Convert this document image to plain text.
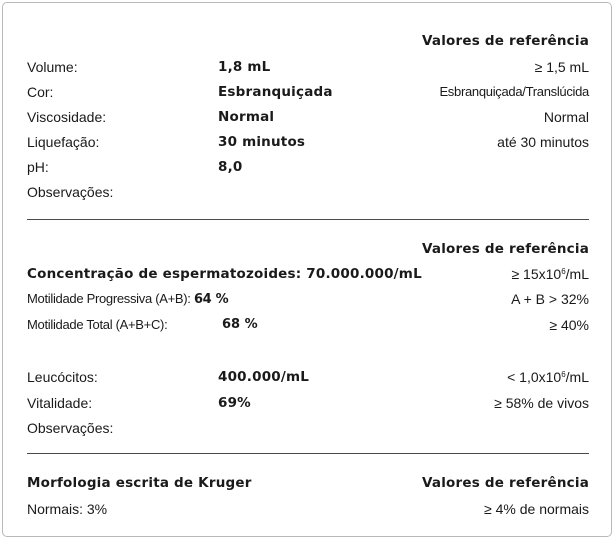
Valores de referência
Volume:	1,8 mL	≥ 1,5 mL
Cor:	Esbranquiçada	Esbranquiçada/Translúcida
Viscosidade:	Normal	Normal
Liquefação:	30 minutos	até 30 minutos
pH:	8,0
Observações:
Valores de referência
Concentração de espermatozoides: 70.000.000/mL	≥ $15x10^6/mL$
Motilidade Progressiva (A+B): 64 %	A + B > 32%
Motilidade Total (A+B+C):	68 %	≥ 40%
Leucócitos:	400.000/mL	< $1,0x10^6/mL$
Vitalidade:	69%	≥ 58% de vivos
Observações:
Morfologia escrita de Kruger	Valores de referência
Normais: 3%	≥ 4% de normais
